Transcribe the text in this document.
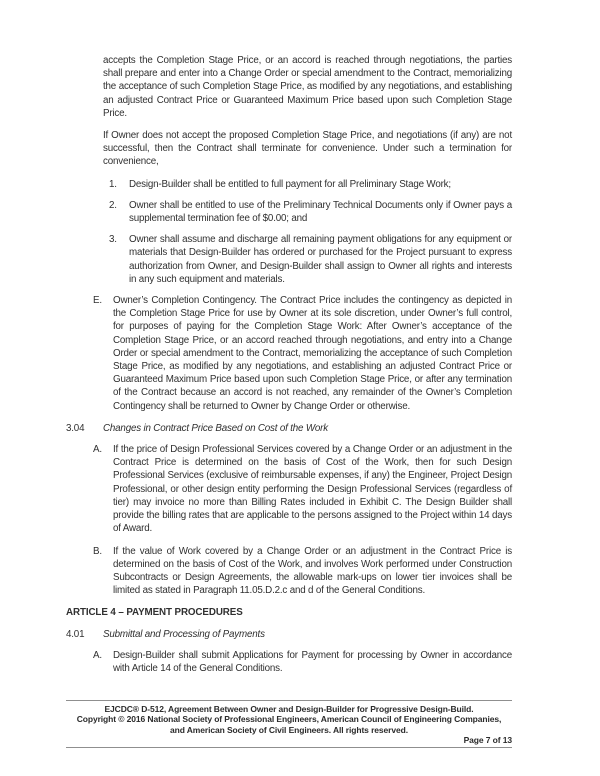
accepts the Completion Stage Price, or an accord is reached through negotiations, the parties shall prepare and enter into a Change Order or special amendment to the Contract, memorializing the acceptance of such Completion Stage Price, as modified by any negotiations, and establishing an adjusted Contract Price or Guaranteed Maximum Price based upon such Completion Stage Price.

If Owner does not accept the proposed Completion Stage Price, and negotiations (if any) are not successful, then the Contract shall terminate for convenience. Under such a termination for convenience,

1.	Design-Builder shall be entitled to full payment for all Preliminary Stage Work;
2.	Owner shall be entitled to use of the Preliminary Technical Documents only if Owner pays a supplemental termination fee of $0.00; and
3.	Owner shall assume and discharge all remaining payment obligations for any equipment or materials that Design-Builder has ordered or purchased for the Project pursuant to express authorization from Owner, and Design-Builder shall assign to Owner all rights and interests in any such equipment and materials.
E.	Owner’s Completion Contingency. The Contract Price includes the contingency as depicted in the Completion Stage Price for use by Owner at its sole discretion, under Owner’s full control, for purposes of paying for the Completion Stage Work: After Owner’s acceptance of the Completion Stage Price, or an accord reached through negotiations, and entry into a Change Order or special amendment to the Contract, memorializing the acceptance of such Completion Stage Price, as modified by any negotiations, and establishing an adjusted Contract Price or Guaranteed Maximum Price based upon such Completion Stage Price, or after any termination of the Contract because an accord is not reached, any remainder of the Owner’s Completion Contingency shall be returned to Owner by Change Order or otherwise.
3.04	Changes in Contract Price Based on Cost of the Work
A.	If the price of Design Professional Services covered by a Change Order or an adjustment in the Contract Price is determined on the basis of Cost of the Work, then for such Design Professional Services (exclusive of reimbursable expenses, if any) the Engineer, Project Design Professional, or other design entity performing the Design Professional Services (regardless of tier) may invoice no more than Billing Rates included in Exhibit C. The Design Builder shall provide the billing rates that are applicable to the persons assigned to the Project within 14 days of Award.
B.	If the value of Work covered by a Change Order or an adjustment in the Contract Price is determined on the basis of Cost of the Work, and involves Work performed under Construction Subcontracts or Design Agreements, the allowable mark-ups on lower tier invoices shall be limited as stated in Paragraph 11.05.D.2.c and d of the General Conditions.
ARTICLE 4 – PAYMENT PROCEDURES
4.01	Submittal and Processing of Payments
A.	Design-Builder shall submit Applications for Payment for processing by Owner in accordance with Article 14 of the General Conditions.
EJCDC® D-512, Agreement Between Owner and Design-Builder for Progressive Design-Build.
Copyright © 2016 National Society of Professional Engineers, American Council of Engineering Companies,
and American Society of Civil Engineers. All rights reserved.
Page 7 of 13
